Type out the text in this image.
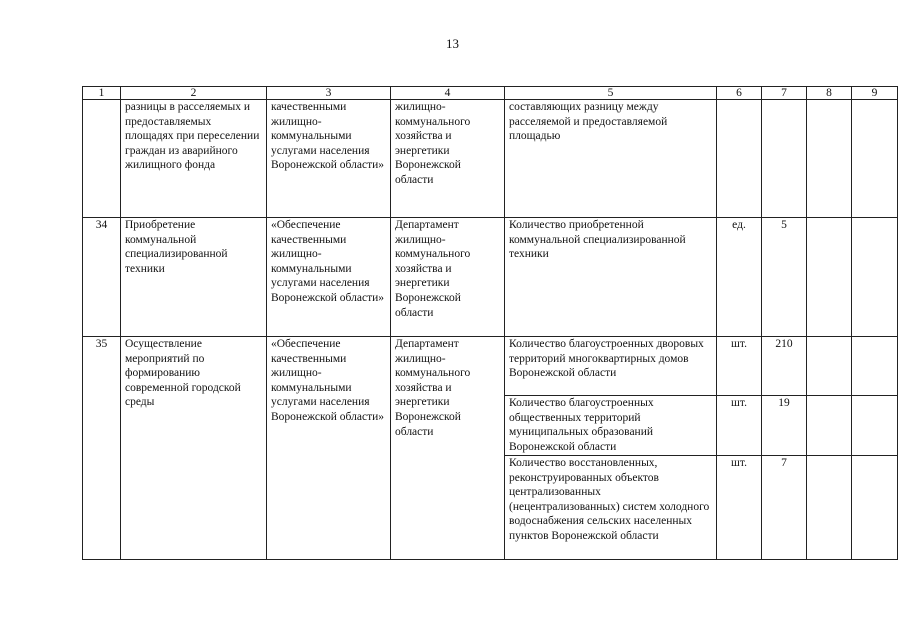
13
1	2	3	4	5	6	7	8	9
	разницы в расселяемых и предоставляемых площадях при переселении граждан из аварийного жилищного фонда	качественными жилищно-коммунальными услугами населения Воронежской области»	жилищно-коммунального хозяйства и энергетики Воронежской области	составляющих разницу между расселяемой и предоставляемой площадью				
34	Приобретение коммунальной специализированной техники	«Обеспечение качественными жилищно-коммунальными услугами населения Воронежской области»	Департамент жилищно-коммунального хозяйства и энергетики Воронежской области	Количество приобретенной коммунальной специализированной техники	ед.	5		
35	Осуществление мероприятий по формированию современной городской среды	«Обеспечение качественными жилищно-коммунальными услугами населения Воронежской области»	Департамент жилищно-коммунального хозяйства и энергетики Воронежской области	Количество благоустроенных дворовых территорий многоквартирных домов Воронежской области	шт.	210		
				Количество благоустроенных общественных территорий муниципальных образований Воронежской области	шт.	19		
				Количество восстановленных, реконструированных объектов централизованных (нецентрализованных) систем холодного водоснабжения сельских населенных пунктов Воронежской области	шт.	7		
